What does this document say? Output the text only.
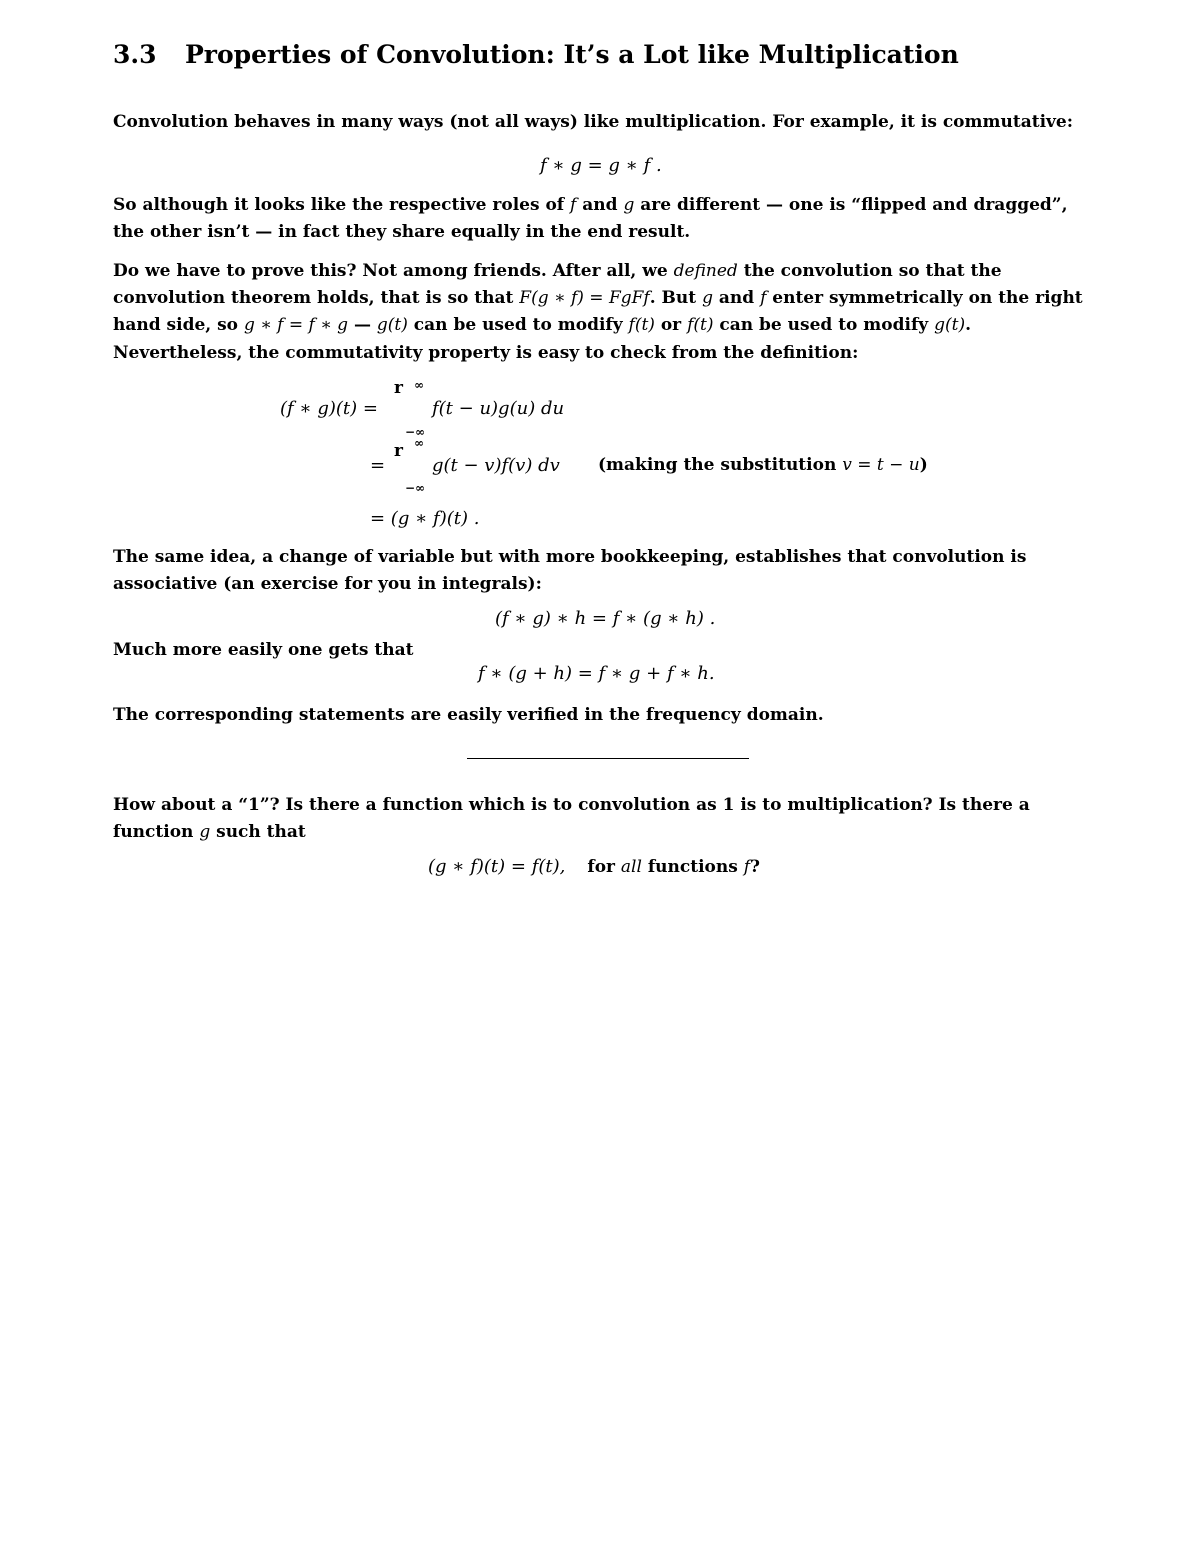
3.3 Properties of Convolution: It’s a Lot like Multiplication
Convolution behaves in many ways (not all ways) like multiplication. For example, it is commutative:
f ∗ g = g ∗ f .
So although it looks like the respective roles of f and g are different — one is “flipped and dragged”, the other isn’t — in fact they share equally in the end result.
Do we have to prove this? Not among friends. After all, we defined the convolution so that the convolution theorem holds, that is so that F(g ∗ f) = FgFf. But g and f enter symmetrically on the right hand side, so g ∗ f = f ∗ g — g(t) can be used to modify f(t) or f(t) can be used to modify g(t).
Nevertheless, the commutativity property is easy to check from the definition:
(f ∗ g)(t) =
r ∞
−∞
f(t − u)g(u) du
∞
r
=	g(t − v)f(v) dv (making the substitution v = t − u)
−∞
= (g ∗ f)(t) .
The same idea, a change of variable but with more bookkeeping, establishes that convolution is associative (an exercise for you in integrals):
(f ∗ g) ∗ h = f ∗ (g ∗ h) .
Much more easily one gets that
f ∗ (g + h) = f ∗ g + f ∗ h.
The corresponding statements are easily verified in the frequency domain.
How about a “1”? Is there a function which is to convolution as 1 is to multiplication? Is there a function g such that
(g ∗ f)(t) = f(t), for all functions f?
